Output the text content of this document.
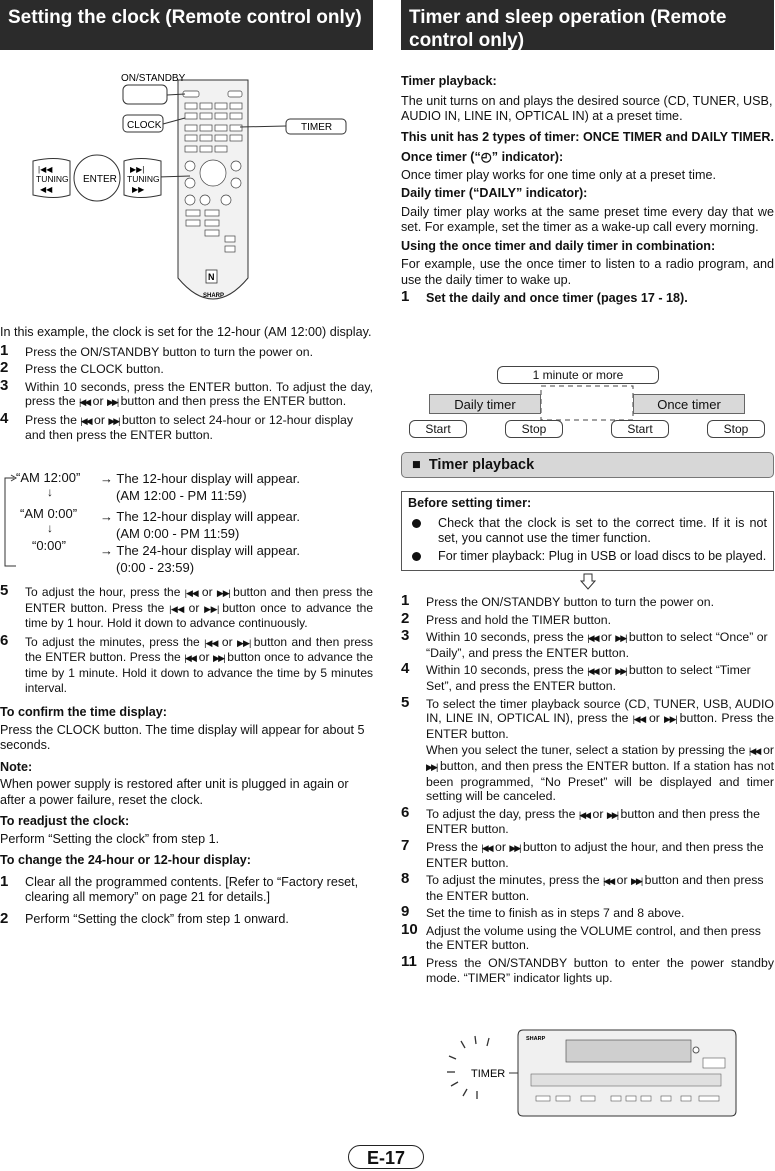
Setting the clock (Remote control only)
N
SHARP
ON/STANDBY
CLOCK	TIMER
ENTER
|◀◀
TUNING
◀◀
▶▶|
TUNING
▶▶

In this example, the clock is set for the 12-hour (AM 12:00) display.

1 Press the ON/STANDBY button to turn the power on.
2 Press the CLOCK button.
3 Within 10 seconds, press the ENTER button. To adjust the day, press the |◀◀ or ▶▶| button and then press the ENTER button.
4 Press the |◀◀ or ▶▶| button to select 24-hour or 12-hour display and then press the ENTER button.
“AM 12:00”
↓
“AM 0:00”
↓
“0:00”
→ The 12-hour display will appear.
(AM 12:00 - PM 11:59)
→ The 12-hour display will appear.
(AM 0:00 - PM 11:59)
→ The 24-hour display will appear.
(0:00 - 23:59)
5 To adjust the hour, press the |◀◀ or ▶▶| button and then press the ENTER button. Press the |◀◀ or ▶▶| button once to advance the time by 1 hour. Hold it down to advance continuously.
6 To adjust the minutes, press the |◀◀ or ▶▶| button and then press the ENTER button. Press the |◀◀ or ▶▶| button once to advance the time by 1 minute. Hold it down to advance the time by 5 minutes interval.

To confirm the time display:

Press the CLOCK button. The time display will appear for about 5 seconds.

Note:

When power supply is restored after unit is plugged in again or after a power failure, reset the clock.

To readjust the clock:

Perform “Setting the clock” from step 1.

To change the 24-hour or 12-hour display:

1 Clear all the programmed contents. [Refer to “Factory reset, clearing all memory” on page 21 for details.]
2 Perform “Setting the clock” from step 1 onward.
Timer and sleep operation (Remote control only)

Timer playback:

The unit turns on and plays the desired source (CD, TUNER, USB, AUDIO IN, LINE IN, OPTICAL IN) at a preset time.

This unit has 2 types of timer: ONCE TIMER and DAILY TIMER.

Once timer (“◴” indicator):

Once timer play works for one time only at a preset time.

Daily timer (“DAILY” indicator):

Daily timer play works at the same preset time every day that we set. For example, set the timer as a wake-up call every morning.

Using the once timer and daily timer in combination:

For example, use the once timer to listen to a radio program, and use the daily timer to wake up.

1 Set the daily and once timer (pages 17 - 18).
1 minute or more
Daily timer	Once timer
Start	Stop	Start	Stop
■ Timer playback

Before setting timer:

Check that the clock is set to the correct time. If it is not set, you cannot use the timer function.
For timer playback: Plug in USB or load discs to be played.
1 Press the ON/STANDBY button to turn the power on.
2 Press and hold the TIMER button.
3 Within 10 seconds, press the |◀◀ or ▶▶| button to select “Once” or “Daily”, and press the ENTER button.
4 Within 10 seconds, press the |◀◀ or ▶▶| button to select “Timer Set”, and press the ENTER button.
5 To select the timer playback source (CD, TUNER, USB, AUDIO IN, LINE IN, OPTICAL IN), press the |◀◀ or ▶▶| button. Press the ENTER button.

When you select the tuner, select a station by pressing the |◀◀ or ▶▶| button, and then press the ENTER button. If a station has not been programmed, “No Preset” will be displayed and timer setting will be canceled.
6 To adjust the day, press the |◀◀ or ▶▶| button and then press the ENTER button.
7 Press the |◀◀ or ▶▶| button to adjust the hour, and then press the ENTER button.
8 To adjust the minutes, press the |◀◀ or ▶▶| button and then press the ENTER button.
9 Set the time to finish as in steps 7 and 8 above.
10 Adjust the volume using the VOLUME control, and then press the ENTER button.
11 Press the ON/STANDBY button to enter the power standby mode. “TIMER” indicator lights up.
TIMER
SHARP
E-17
